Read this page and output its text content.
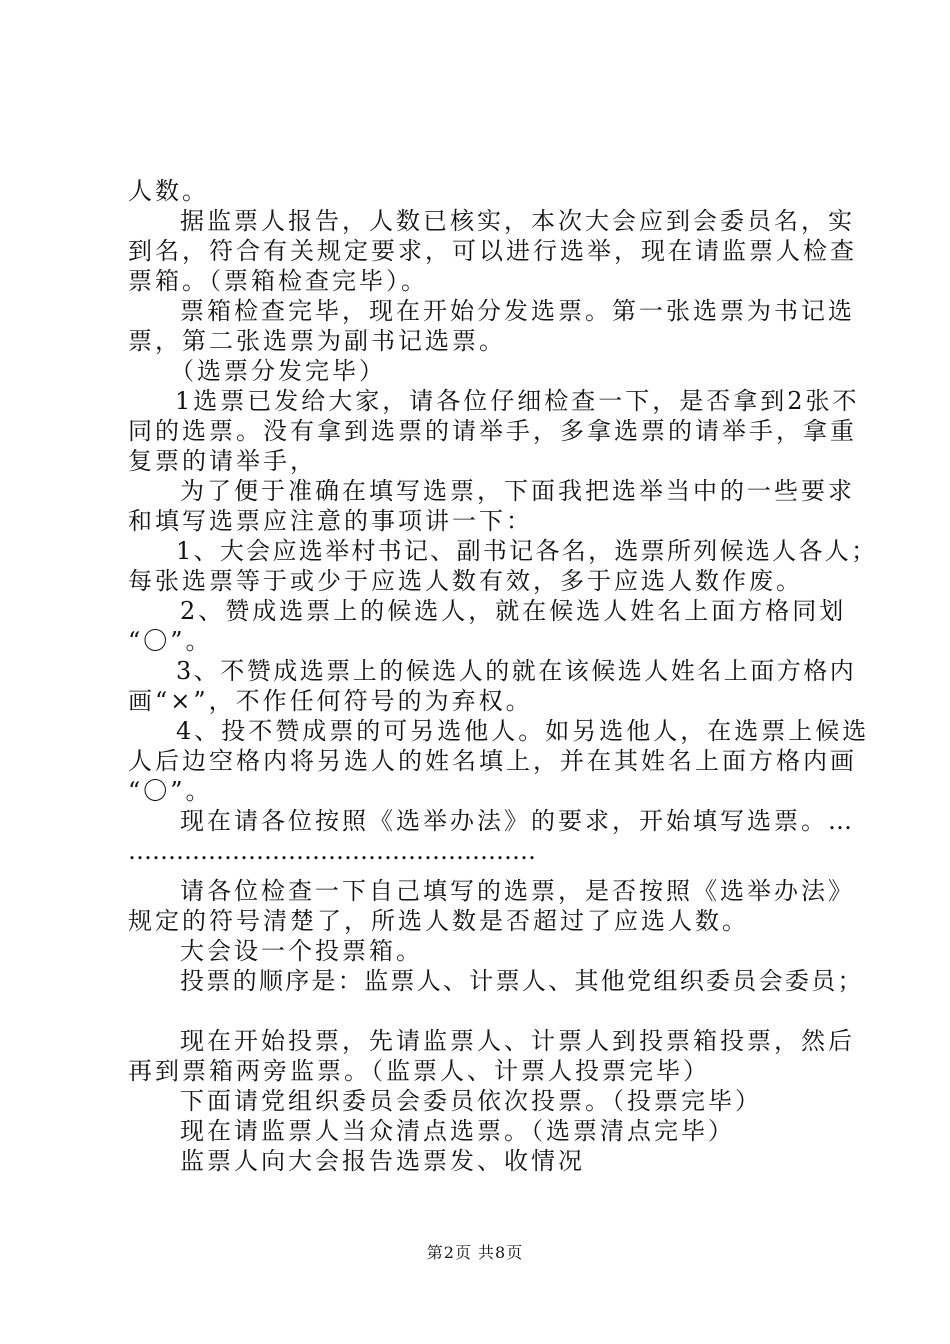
人数。
据监票人报告，人数已核实，本次大会应到会委员名，实
到名，符合有关规定要求，可以进行选举，现在请监票人检查
票箱。（票箱检查完毕）。
票箱检查完毕，现在开始分发选票。第一张选票为书记选
票，第二张选票为副书记选票。
（选票分发完毕）
1选票已发给大家，请各位仔细检查一下，是否拿到2张不
同的选票。没有拿到选票的请举手，多拿选票的请举手，拿重
复票的请举手，
为了便于准确在填写选票，下面我把选举当中的一些要求
和填写选票应注意的事项讲一下：
1、大会应选举村书记、副书记各名，选票所列候选人各人；
每张选票等于或少于应选人数有效，多于应选人数作废。
2、赞成选票上的候选人，就在候选人姓名上面方格同划
“〇”。
3、不赞成选票上的候选人的就在该候选人姓名上面方格内
画“×”，不作任何符号的为弃权。
4、投不赞成票的可另选他人。如另选他人，在选票上候选
人后边空格内将另选人的姓名填上，并在其姓名上面方格内画
“〇”。
现在请各位按照《选举办法》的要求，开始填写选票。…
……………………………………………
请各位检查一下自己填写的选票，是否按照《选举办法》
规定的符号清楚了，所选人数是否超过了应选人数。
大会设一个投票箱。
投票的顺序是：监票人、计票人、其他党组织委员会委员；
现在开始投票，先请监票人、计票人到投票箱投票，然后
再到票箱两旁监票。（监票人、计票人投票完毕）
下面请党组织委员会委员依次投票。（投票完毕）
现在请监票人当众清点选票。（选票清点完毕）
监票人向大会报告选票发、收情况
第2页 共8页
